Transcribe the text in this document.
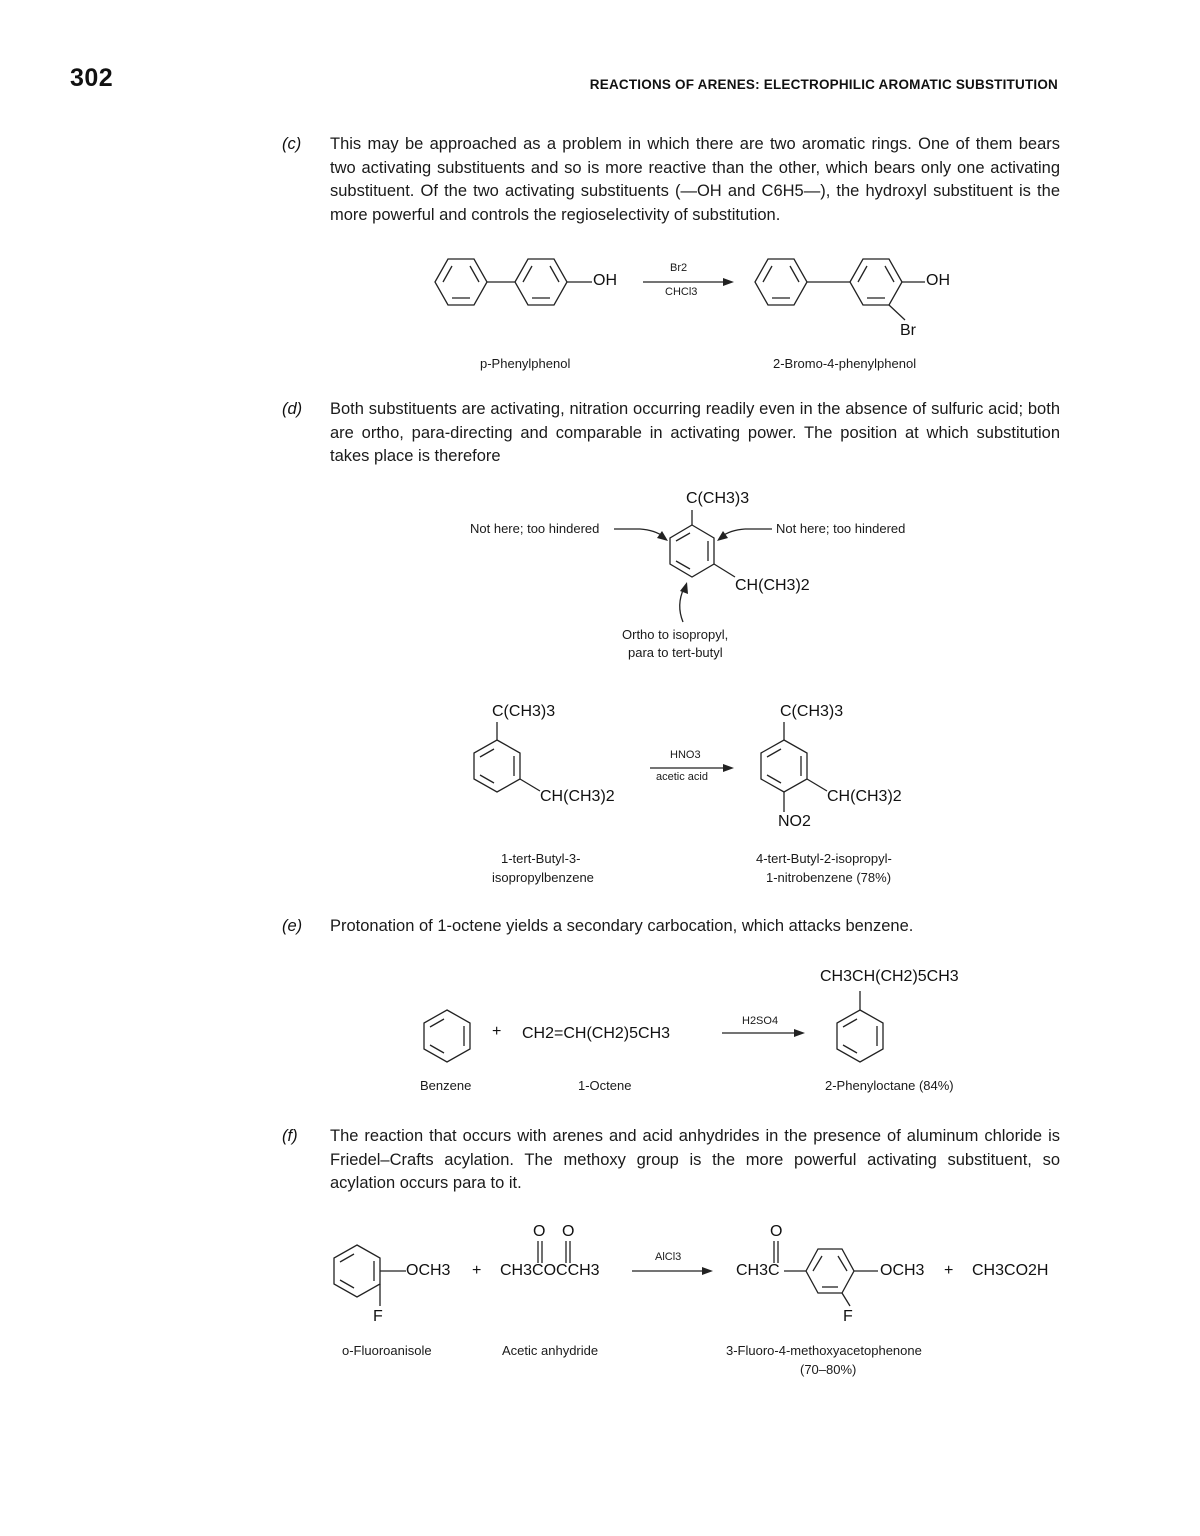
302	REACTIONS OF ARENES: ELECTROPHILIC AROMATIC SUBSTITUTION
(c) This may be approached as a problem in which there are two aromatic rings. One of them bears two activating substituents and so is more reactive than the other, which bears only one activating substituent. Of the two activating substituents (—OH and C6H5—), the hydroxyl substituent is the more powerful and controls the regioselectivity of substitution.
OH
Br2
CHCl3
OH
Br
p-Phenylphenol	2-Bromo-4-phenylphenol
(d) Both substituents are activating, nitration occurring readily even in the absence of sulfuric acid; both are ortho, para-directing and comparable in activating power. The position at which substitution takes place is therefore
C(CH3)3
Not here; too hindered	Not here; too hindered
CH(CH3)2
Ortho to isopropyl,
para to tert-butyl
C(CH3)3
CH(CH3)2
HNO3
acetic acid
C(CH3)3
CH(CH3)2
NO2
1-tert-Butyl-3-
isopropylbenzene
4-tert-Butyl-2-isopropyl-
1-nitrobenzene (78%)
(e) Protonation of 1-octene yields a secondary carbocation, which attacks benzene.
CH3CH(CH2)5CH3
+ CH2=CH(CH2)5CH3
H2SO4
Benzene	1-Octene	2-Phenyloctane (84%)
(f) The reaction that occurs with arenes and acid anhydrides in the presence of aluminum chloride is Friedel–Crafts acylation. The methoxy group is the more powerful activating substituent, so acylation occurs para to it.
OCH3
F
+
O O
CH3COCCH3
AlCl3
O
CH3C	OCH3
F
+ CH3CO2H
o-Fluoroanisole	Acetic anhydride	3-Fluoro-4-methoxyacetophenone
(70–80%)
